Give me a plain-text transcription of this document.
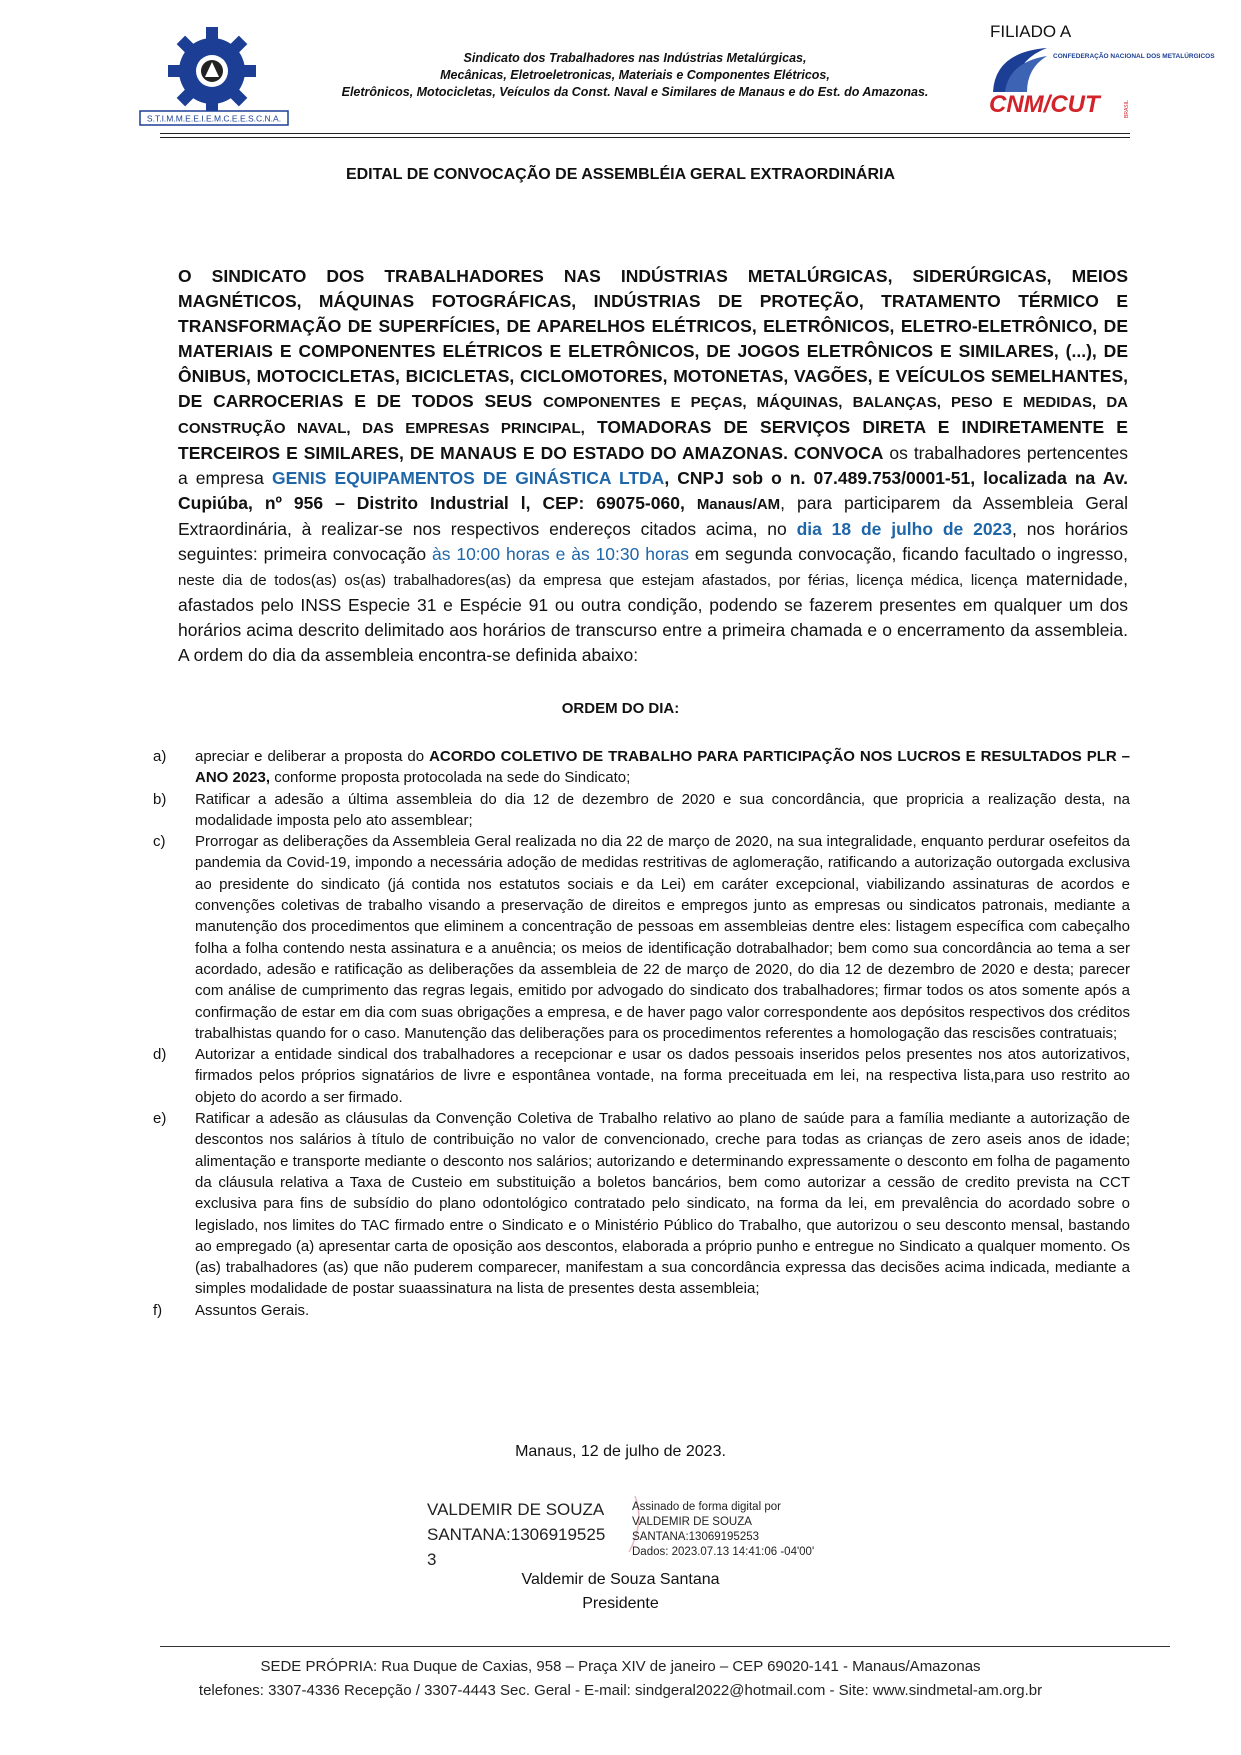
S.T.I.M.M.E.E.I.E.M.C.E.E.S.C.N.A.
Sindicato dos Trabalhadores nas Indústrias Metalúrgicas,
Mecânicas, Eletroeletronicas, Materiais e Componentes Elétricos,
Eletrônicos, Motocicletas, Veículos da Const. Naval e Similares de Manaus e do Est. do Amazonas.
FILIADO A
CONFEDERAÇÃO NACIONAL DOS METALÚRGICOS
CNM/CUT	BRASIL
EDITAL DE CONVOCAÇÃO DE ASSEMBLÉIA GERAL EXTRAORDINÁRIA
O SINDICATO DOS TRABALHADORES NAS INDÚSTRIAS METALÚRGICAS, SIDERÚRGICAS, MEIOS MAGNÉTICOS, MÁQUINAS FOTOGRÁFICAS, INDÚSTRIAS DE PROTEÇÃO, TRATAMENTO TÉRMICO E TRANSFORMAÇÃO DE SUPERFÍCIES, DE APARELHOS ELÉTRICOS, ELETRÔNICOS, ELETRO-ELETRÔNICO, DE MATERIAIS E COMPONENTES ELÉTRICOS E ELETRÔNICOS, DE JOGOS ELETRÔNICOS E SIMILARES, (...), DE ÔNIBUS, MOTOCICLETAS, BICICLETAS, CICLOMOTORES, MOTONETAS, VAGÕES, E VEÍCULOS SEMELHANTES, DE CARROCERIAS E DE TODOS SEUS COMPONENTES E PEÇAS, MÁQUINAS, BALANÇAS, PESO E MEDIDAS, DA CONSTRUÇÃO NAVAL, DAS EMPRESAS PRINCIPAL, TOMADORAS DE SERVIÇOS DIRETA E INDIRETAMENTE E TERCEIROS E SIMILARES, DE MANAUS E DO ESTADO DO AMAZONAS. CONVOCA os trabalhadores pertencentes a empresa GENIS EQUIPAMENTOS DE GINÁSTICA LTDA, CNPJ sob o n. 07.489.753/0001-51, localizada na Av. Cupiúba, nº 956 – Distrito Industrial l, CEP: 69075-060, Manaus/AM, para participarem da Assembleia Geral Extraordinária, à realizar-se nos respectivos endereços citados acima, no dia 18 de julho de 2023, nos horários seguintes: primeira convocação às 10:00 horas e às 10:30 horas em segunda convocação, ficando facultado o ingresso, neste dia de todos(as) os(as) trabalhadores(as) da empresa que estejam afastados, por férias, licença médica, licença maternidade, afastados pelo INSS Especie 31 e Espécie 91 ou outra condição, podendo se fazerem presentes em qualquer um dos horários acima descrito delimitado aos horários de transcurso entre a primeira chamada e o encerramento da assembleia. A ordem do dia da assembleia encontra-se definida abaixo:
ORDEM DO DIA:
a)	apreciar e deliberar a proposta do ACORDO COLETIVO DE TRABALHO PARA PARTICIPAÇÃO NOS LUCROS E RESULTADOS PLR – ANO 2023, conforme proposta protocolada na sede do Sindicato;
b)	Ratificar a adesão a última assembleia do dia 12 de dezembro de 2020 e sua concordância, que propricia a realização desta, na modalidade imposta pelo ato assemblear;
c)	Prorrogar as deliberações da Assembleia Geral realizada no dia 22 de março de 2020, na sua integralidade, enquanto perdurar osefeitos da pandemia da Covid-19, impondo a necessária adoção de medidas restritivas de aglomeração, ratificando a autorização outorgada exclusiva ao presidente do sindicato (já contida nos estatutos sociais e da Lei) em caráter excepcional, viabilizando assinaturas de acordos e convenções coletivas de trabalho visando a preservação de direitos e empregos junto as empresas ou sindicatos patronais, mediante a manutenção dos procedimentos que eliminem a concentração de pessoas em assembleias dentre eles: listagem específica com cabeçalho folha a folha contendo nesta assinatura e a anuência; os meios de identificação dotrabalhador; bem como sua concordância ao tema a ser acordado, adesão e ratificação as deliberações da assembleia de 22 de março de 2020, do dia 12 de dezembro de 2020 e desta; parecer com análise de cumprimento das regras legais, emitido por advogado do sindicato dos trabalhadores; firmar todos os atos somente após a confirmação de estar em dia com suas obrigações a empresa, e de haver pago valor correspondente aos depósitos respectivos dos créditos trabalhistas quando for o caso. Manutenção das deliberações para os procedimentos referentes a homologação das rescisões contratuais;
d)	Autorizar a entidade sindical dos trabalhadores a recepcionar e usar os dados pessoais inseridos pelos presentes nos atos autorizativos, firmados pelos próprios signatários de livre e espontânea vontade, na forma preceituada em lei, na respectiva lista,para uso restrito ao objeto do acordo a ser firmado.
e)	Ratificar a adesão as cláusulas da Convenção Coletiva de Trabalho relativo ao plano de saúde para a família mediante a autorização de descontos nos salários à título de contribuição no valor de convencionado, creche para todas as crianças de zero aseis anos de idade; alimentação e transporte mediante o desconto nos salários; autorizando e determinando expressamente o desconto em folha de pagamento da cláusula relativa a Taxa de Custeio em substituição a boletos bancários, bem como autorizar a cessão de credito prevista na CCT exclusiva para fins de subsídio do plano odontológico contratado pelo sindicato, na forma da lei, em prevalência do acordado sobre o legislado, nos limites do TAC firmado entre o Sindicato e o Ministério Público do Trabalho, que autorizou o seu desconto mensal, bastando ao empregado (a) apresentar carta de oposição aos descontos, elaborada a próprio punho e entregue no Sindicato a qualquer momento. Os (as) trabalhadores (as) que não puderem comparecer, manifestam a sua concordância expressa das decisões acima indicada, mediante a simples modalidade de postar suaassinatura na lista de presentes desta assembleia;
f)	Assuntos Gerais.
Manaus, 12 de julho de 2023.
VALDEMIR DE SOUZA
SANTANA:1306919525
3
Assinado de forma digital por
VALDEMIR DE SOUZA
SANTANA:13069195253
Dados: 2023.07.13 14:41:06 -04'00'
Valdemir de Souza Santana
Presidente
SEDE PRÓPRIA: Rua Duque de Caxias, 958 – Praça XIV de janeiro – CEP 69020-141 - Manaus/Amazonas
telefones: 3307-4336 Recepção / 3307-4443 Sec. Geral - E-mail: sindgeral2022@hotmail.com - Site: www.sindmetal-am.org.br
